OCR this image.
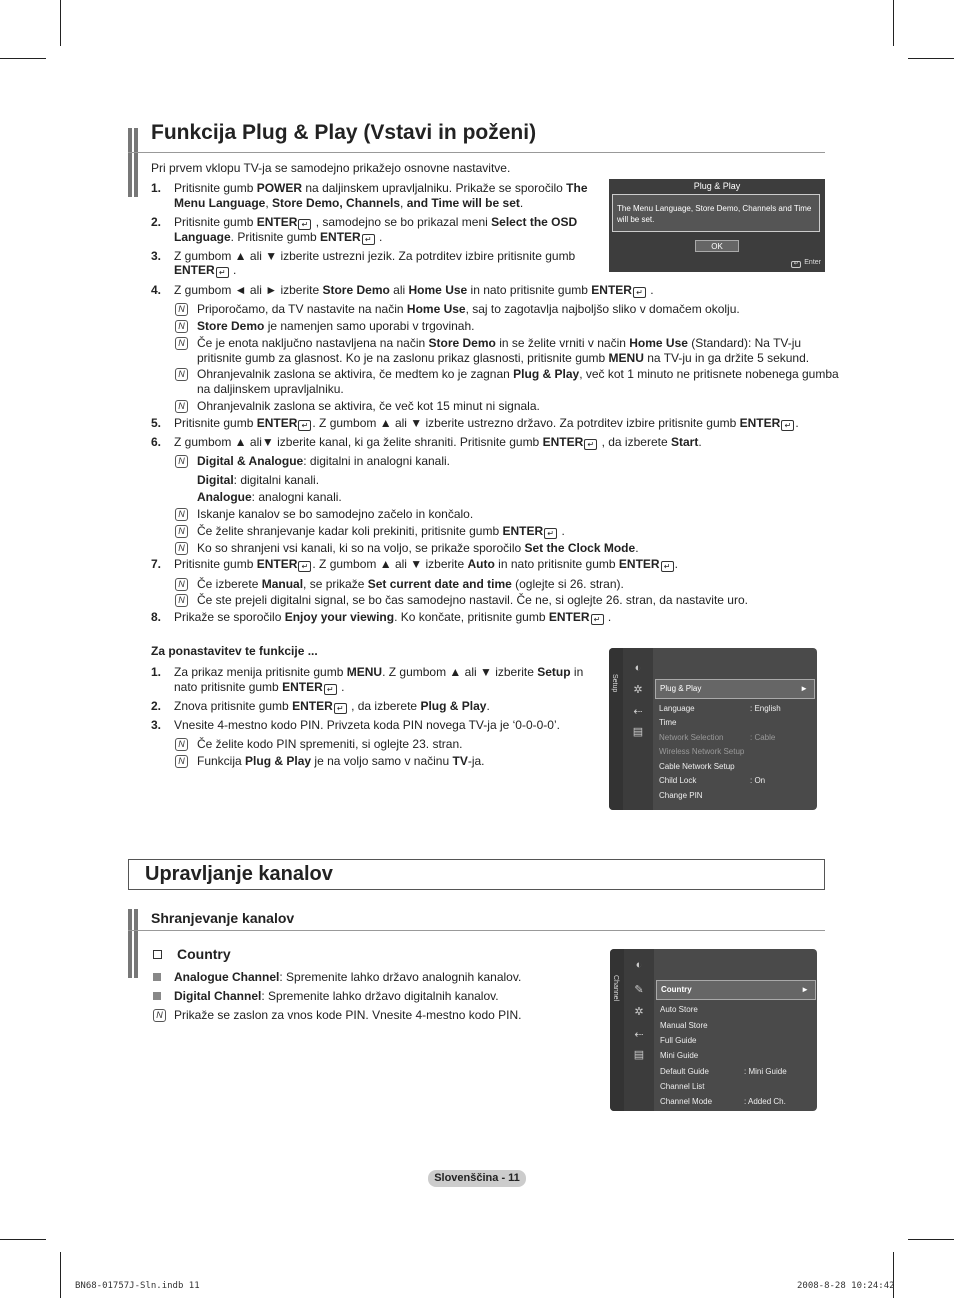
Funkcija Plug & Play (Vstavi in poženi)
Pri prvem vklopu TV-ja se samodejno prikažejo osnovne nastavitve.
1. Pritisnite gumb POWER na daljinskem upravljalniku. Prikaže se sporočilo The
Menu Language, Store Demo, Channels, and Time will be set.
2. Pritisnite gumb ENTER ↵ , samodejno se bo prikazal meni Select the OSD
Language. Pritisnite gumb ENTER ↵ .
3. Z gumbom ▲ ali ▼ izberite ustrezni jezik. Za potrditev izbire pritisnite gumb
ENTER ↵ .
Plug & Play
The Menu Language, Store Demo, Channels and Time will be set.
OK
↵ Enter
4. Z gumbom ◄ ali ► izberite Store Demo ali Home Use in nato pritisnite gumb ENTER ↵ .
N Priporočamo, da TV nastavite na način Home Use, saj to zagotavlja najboljšo sliko v domačem okolju.
N Store Demo je namenjen samo uporabi v trgovinah.
N Če je enota naključno nastavljena na način Store Demo in se želite vrniti v način Home Use (Standard): Na TV-ju
pritisnite gumb za glasnost. Ko je na zaslonu prikaz glasnosti, pritisnite gumb MENU na TV-ju in ga držite 5 sekund.
N Ohranjevalnik zaslona se aktivira, če medtem ko je zagnan Plug & Play, več kot 1 minuto ne pritisnete nobenega gumba
na daljinskem upravljalniku.
N Ohranjevalnik zaslona se aktivira, če več kot 15 minut ni signala.
5. Pritisnite gumb ENTER ↵ . Z gumbom ▲ ali ▼ izberite ustrezno državo. Za potrditev izbire pritisnite gumb ENTER ↵ .
6. Z gumbom ▲ ali▼ izberite kanal, ki ga želite shraniti. Pritisnite gumb ENTER ↵ , da izberete Start.
N Digital & Analogue: digitalni in analogni kanali.
Digital: digitalni kanali.
Analogue: analogni kanali.
N Iskanje kanalov se bo samodejno začelo in končalo.
N Če želite shranjevanje kadar koli prekiniti, pritisnite gumb ENTER ↵ .
N Ko so shranjeni vsi kanali, ki so na voljo, se prikaže sporočilo Set the Clock Mode.
7. Pritisnite gumb ENTER ↵ . Z gumbom ▲ ali ▼ izberite Auto in nato pritisnite gumb ENTER ↵ .
N Če izberete Manual, se prikaže Set current date and time (oglejte si 26. stran).
N Če ste prejeli digitalni signal, se bo čas samodejno nastavil. Če ne, si oglejte 26. stran, da nastavite uro.
8. Prikaže se sporočilo Enjoy your viewing. Ko končate, pritisnite gumb ENTER ↵ .
Za ponastavitev te funkcije ...
1. Za prikaz menija pritisnite gumb MENU. Z gumbom ▲ ali ▼ izberite Setup in
nato pritisnite gumb ENTER ↵ .
2. Znova pritisnite gumb ENTER ↵ , da izberete Plug & Play.
3. Vnesite 4-mestno kodo PIN. Privzeta koda PIN novega TV-ja je ‘0-0-0-0’.
N Če želite kodo PIN spremeniti, si oglejte 23. stran.
N Funkcija Plug & Play je na voljo samo v načinu TV-ja.
Setup
◐
✲
⇠
▤
Plug & Play	►
Language	: English
Time
Network Selection	: Cable
Wireless Network Setup
Cable Network Setup
Child Lock	: On
Change PIN
Upravljanje kanalov
Shranjevanje kanalov
Country
Analogue Channel: Spremenite lahko državo analognih kanalov.
Digital Channel: Spremenite lahko državo digitalnih kanalov.
N Prikaže se zaslon za vnos kode PIN. Vnesite 4-mestno kodo PIN.
Channel
◐
✎
✲
⇠
▤
Country	►
Auto Store
Manual Store
Full Guide
Mini Guide
Default Guide	: Mini Guide
Channel List
Channel Mode	: Added Ch.
Slovenščina - 11
BN68-01757J-Sln.indb 11	2008-8-28 10:24:42
